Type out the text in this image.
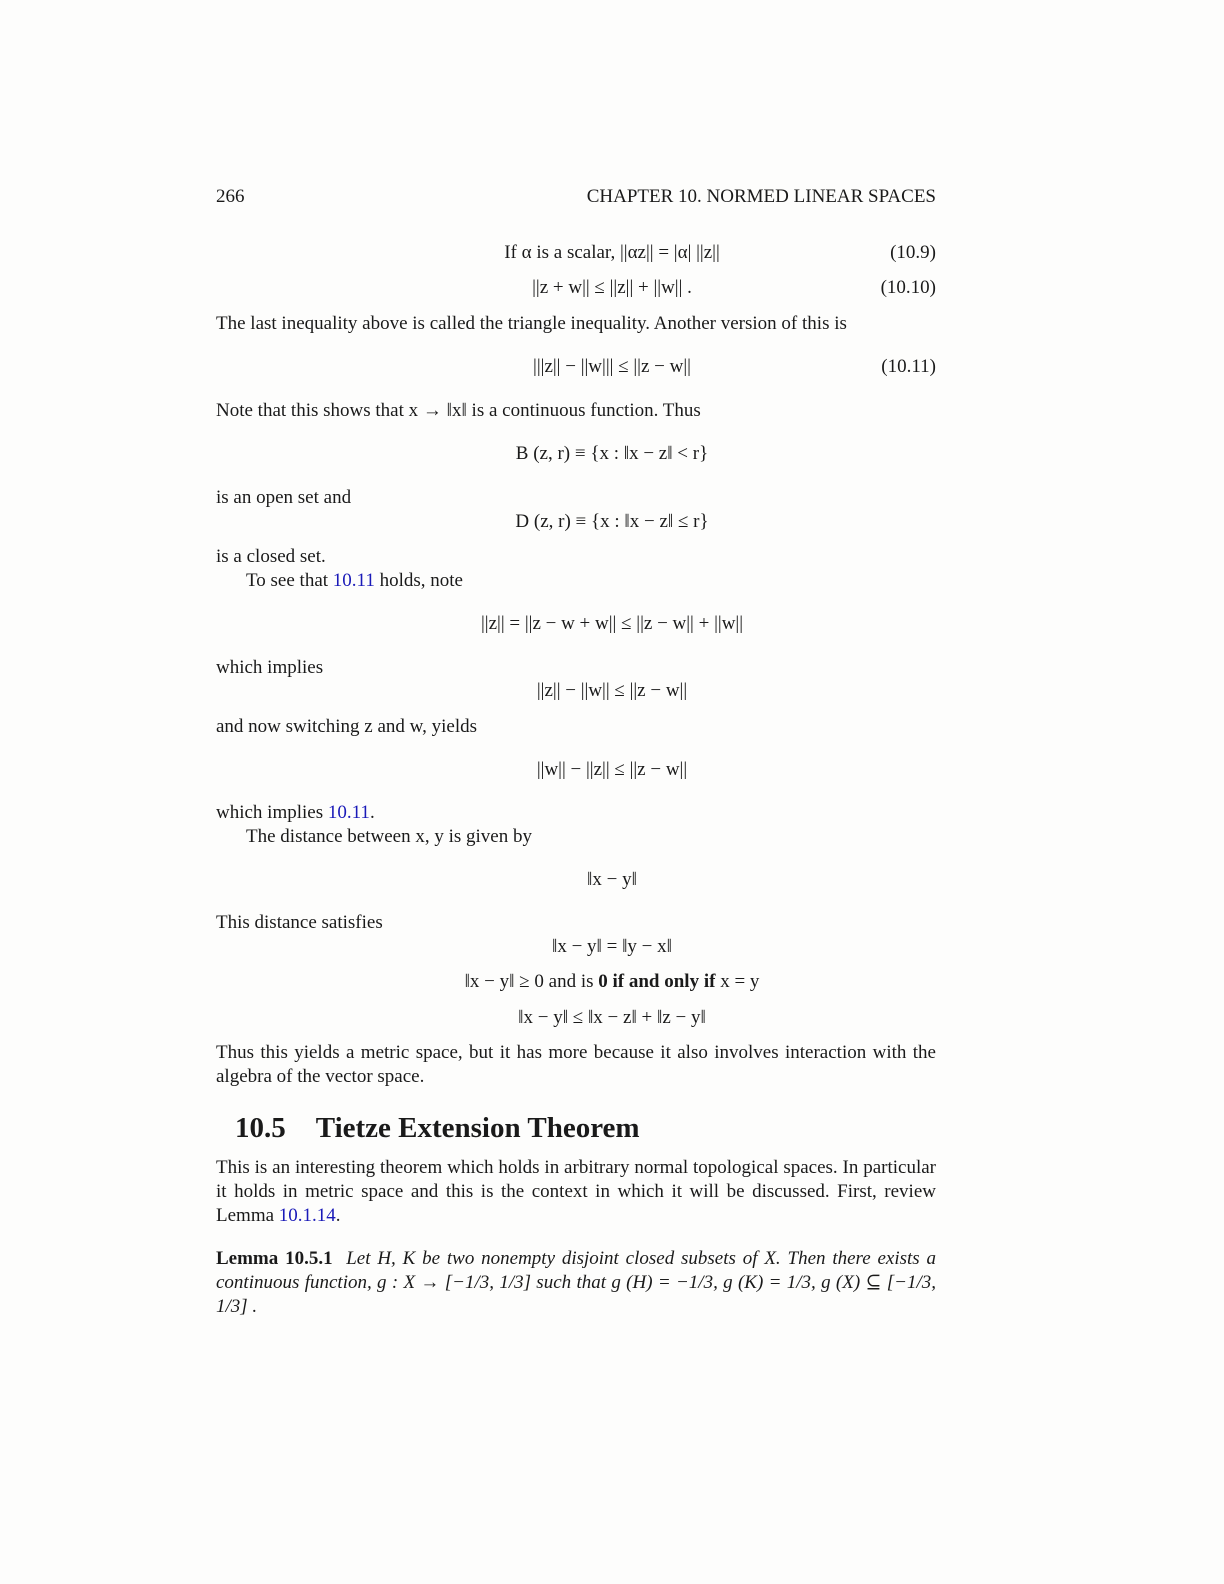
266	CHAPTER 10. NORMED LINEAR SPACES
If α is a scalar, ||αz|| = |α| ||z||	(10.9)
||z + w|| ≤ ||z|| + ||w|| .	(10.10)
The last inequality above is called the triangle inequality. Another version of this is
|||z|| − ||w||| ≤ ||z − w||	(10.11)
Note that this shows that x → ‖x‖ is a continuous function. Thus
B (z, r) ≡ {x : ‖x − z‖ < r}
is an open set and
D (z, r) ≡ {x : ‖x − z‖ ≤ r}
is a closed set.
To see that 10.11 holds, note
||z|| = ||z − w + w|| ≤ ||z − w|| + ||w||
which implies
||z|| − ||w|| ≤ ||z − w||
and now switching z and w, yields
||w|| − ||z|| ≤ ||z − w||
which implies 10.11.
The distance between x, y is given by
‖x − y‖
This distance satisfies
‖x − y‖ = ‖y − x‖
‖x − y‖ ≥ 0 and is 0 if and only if x = y
‖x − y‖ ≤ ‖x − z‖ + ‖z − y‖
Thus this yields a metric space, but it has more because it also involves interaction with the algebra of the vector space.
10.5 Tietze Extension Theorem
This is an interesting theorem which holds in arbitrary normal topological spaces. In particular it holds in metric space and this is the context in which it will be discussed. First, review Lemma 10.1.14.
Lemma 10.5.1 Let H, K be two nonempty disjoint closed subsets of X. Then there exists a continuous function, g : X → [−1/3, 1/3] such that g (H) = −1/3, g (K) = 1/3, g (X) ⊆ [−1/3, 1/3] .
